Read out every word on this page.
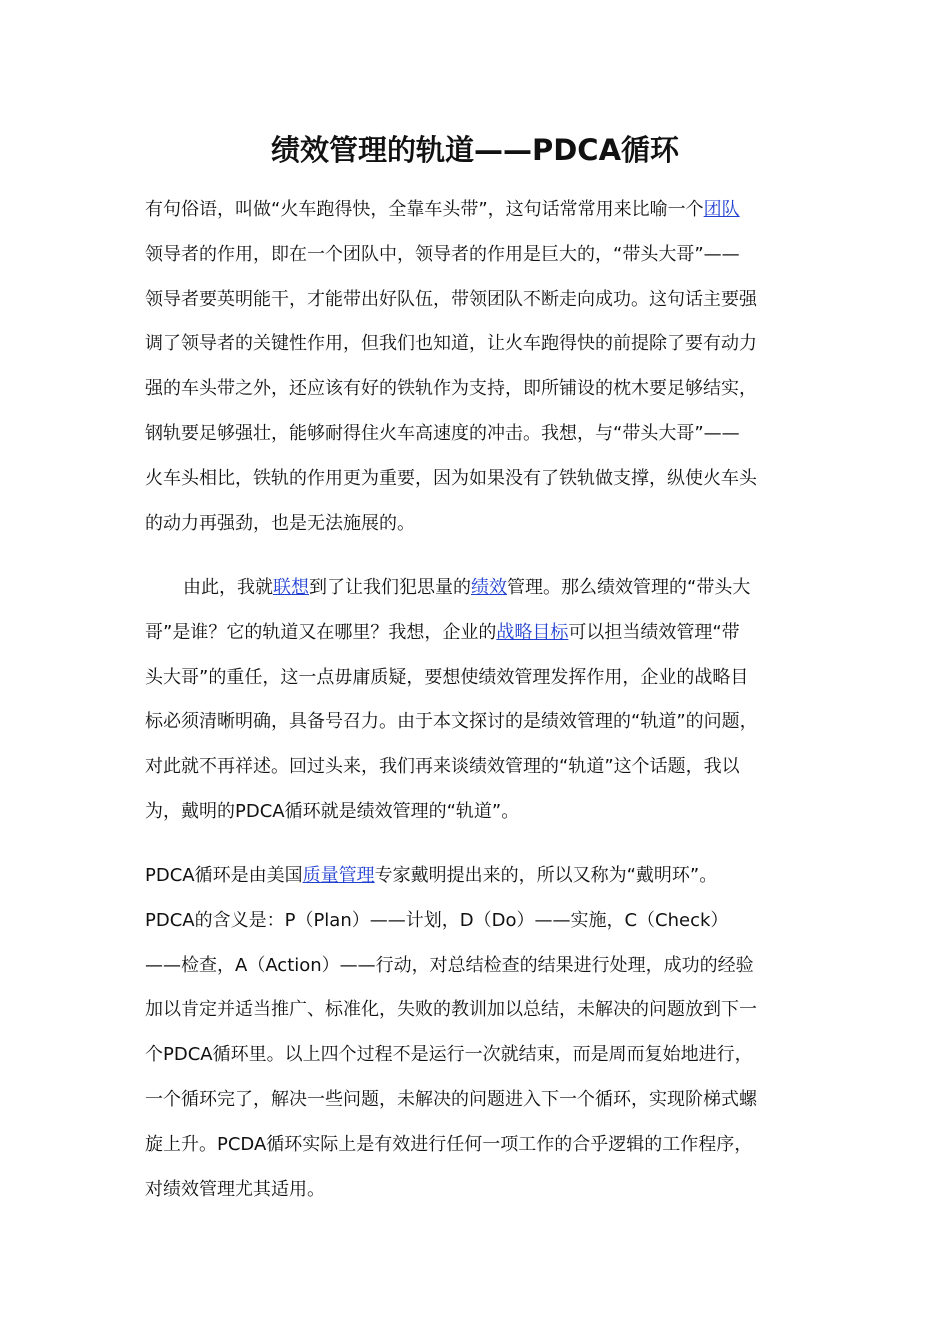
绩效管理的轨道——PDCA循环
有句俗语，叫做“火车跑得快，全靠车头带”，这句话常常用来比喻一个团队
领导者的作用，即在一个团队中，领导者的作用是巨大的，“带头大哥”——
领导者要英明能干，才能带出好队伍，带领团队不断走向成功。这句话主要强
调了领导者的关键性作用，但我们也知道，让火车跑得快的前提除了要有动力
强的车头带之外，还应该有好的铁轨作为支持，即所铺设的枕木要足够结实，
钢轨要足够强壮，能够耐得住火车高速度的冲击。我想，与“带头大哥”——
火车头相比，铁轨的作用更为重要，因为如果没有了铁轨做支撑，纵使火车头
的动力再强劲，也是无法施展的。
由此，我就联想到了让我们犯思量的绩效管理。那么绩效管理的“带头大
哥”是谁？它的轨道又在哪里？我想，企业的战略目标可以担当绩效管理“带
头大哥”的重任，这一点毋庸质疑，要想使绩效管理发挥作用，企业的战略目
标必须清晰明确，具备号召力。由于本文探讨的是绩效管理的“轨道”的问题，
对此就不再祥述。回过头来，我们再来谈绩效管理的“轨道”这个话题，我以
为，戴明的PDCA循环就是绩效管理的“轨道”。
PDCA循环是由美国质量管理专家戴明提出来的，所以又称为“戴明环”。
PDCA的含义是：P（Plan）——计划，D（Do）——实施，C（Check）
——检查，A（Action）——行动，对总结检查的结果进行处理，成功的经验
加以肯定并适当推广、标准化，失败的教训加以总结，未解决的问题放到下一
个PDCA循环里。以上四个过程不是运行一次就结束，而是周而复始地进行，
一个循环完了，解决一些问题，未解决的问题进入下一个循环，实现阶梯式螺
旋上升。PCDA循环实际上是有效进行任何一项工作的合乎逻辑的工作程序，
对绩效管理尤其适用。
